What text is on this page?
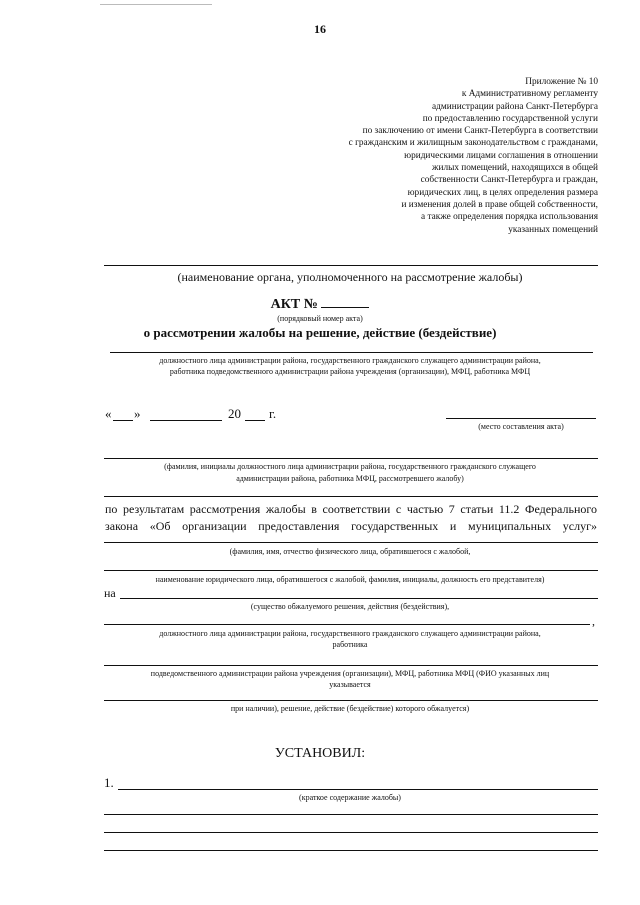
16
Приложение № 10
к Административному регламенту
администрации района Санкт-Петербурга
по предоставлению государственной услуги
по заключению от имени Санкт-Петербурга в соответствии
с гражданским и жилищным законодательством с гражданами,
юридическими лицами соглашения в отношении
жилых помещений, находящихся в общей
собственности Санкт-Петербурга и граждан,
юридических лиц, в целях определения размера
и изменения долей в праве общей собственности,
а также определения порядка использования
указанных помещений
(наименование органа, уполномоченного на рассмотрение жалобы)
АКТ №
(порядковый номер акта)
о рассмотрении жалобы на решение, действие (бездействие)
должностного лица администрации района, государственного гражданского служащего администрации района,
работника подведомственного администрации района учреждения (организации), МФЦ, работника МФЦ
« »	20 г.
(место составления акта)
(фамилия, инициалы должностного лица администрации района, государственного гражданского служащего
администрации района, работника МФЦ, рассмотревшего жалобу)
по результатам рассмотрения жалобы в соответствии с частью 7 статьи 11.2 Федерального
закона «Об организации предоставления государственных и муниципальных услуг»
(фамилия, имя, отчество физического лица, обратившегося с жалобой,
наименование юридического лица, обратившегося с жалобой, фамилия, инициалы, должность его представителя)
на
(существо обжалуемого решения, действия (бездействия),
,
должностного лица администрации района, государственного гражданского служащего администрации района,
работника
подведомственного администрации района учреждения (организации), МФЦ, работника МФЦ (ФИО указанных лиц
указывается
при наличии), решение, действие (бездействие) которого обжалуется)
УСТАНОВИЛ:
1.
(краткое содержание жалобы)
